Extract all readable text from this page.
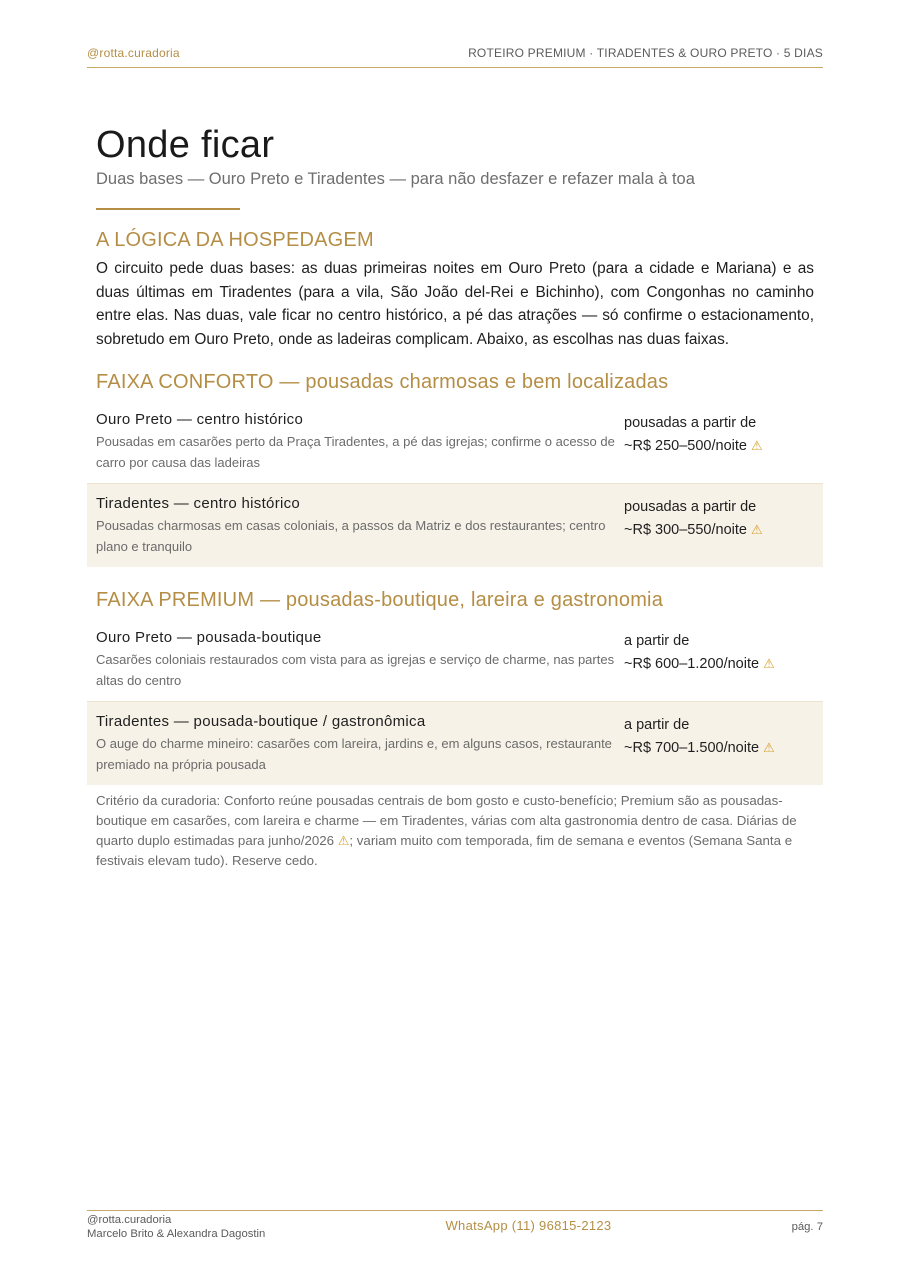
@rotta.curadoria	ROTEIRO PREMIUM · TIRADENTES & OURO PRETO · 5 DIAS
Onde ficar
Duas bases — Ouro Preto e Tiradentes — para não desfazer e refazer mala à toa
A LÓGICA DA HOSPEDAGEM

O circuito pede duas bases: as duas primeiras noites em Ouro Preto (para a cidade e Mariana) e as duas últimas em Tiradentes (para a vila, São João del-Rei e Bichinho), com Congonhas no caminho entre elas. Nas duas, vale ficar no centro histórico, a pé das atrações — só confirme o estacionamento, sobretudo em Ouro Preto, onde as ladeiras complicam. Abaixo, as escolhas nas duas faixas.

FAIXA CONFORTO — pousadas charmosas e bem localizadas
Ouro Preto — centro histórico
Pousadas em casarões perto da Praça Tiradentes, a pé das igrejas; confirme o acesso de carro por causa das ladeiras
pousadas a partir de
~R$ 250–500/noite ⚠
Tiradentes — centro histórico
Pousadas charmosas em casas coloniais, a passos da Matriz e dos restaurantes; centro plano e tranquilo
pousadas a partir de
~R$ 300–550/noite ⚠
FAIXA PREMIUM — pousadas-boutique, lareira e gastronomia
Ouro Preto — pousada-boutique
Casarões coloniais restaurados com vista para as igrejas e serviço de charme, nas partes altas do centro
a partir de
~R$ 600–1.200/noite ⚠
Tiradentes — pousada-boutique / gastronômica
O auge do charme mineiro: casarões com lareira, jardins e, em alguns casos, restaurante premiado na própria pousada
a partir de
~R$ 700–1.500/noite ⚠
Critério da curadoria: Conforto reúne pousadas centrais de bom gosto e custo-benefício; Premium são as pousadas-boutique em casarões, com lareira e charme — em Tiradentes, várias com alta gastronomia dentro de casa. Diárias de quarto duplo estimadas para junho/2026 ⚠; variam muito com temporada, fim de semana e eventos (Semana Santa e festivais elevam tudo). Reserve cedo.
@rotta.curadoria
Marcelo Brito & Alexandra Dagostin
WhatsApp (11) 96815-2123	pág. 7
